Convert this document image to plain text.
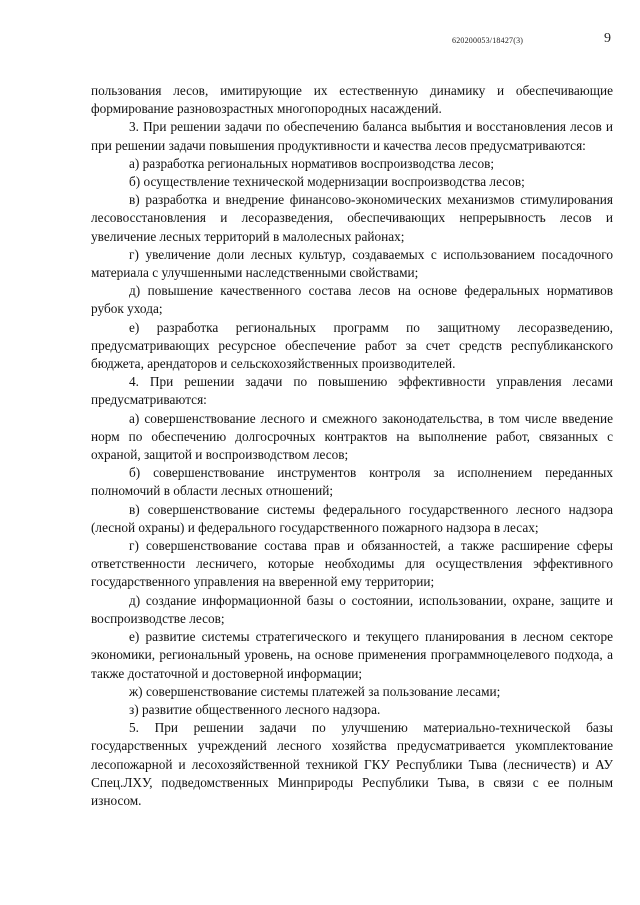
620200053/18427(3)	9

пользования лесов, имитирующие их естественную динамику и обеспечивающие формирование разновозрастных многопородных насаждений.

3. При решении задачи по обеспечению баланса выбытия и восстановления лесов и при решении задачи повышения продуктивности и качества лесов предусматриваются:

а) разработка региональных нормативов воспроизводства лесов;

б) осуществление технической модернизации воспроизводства лесов;

в) разработка и внедрение финансово-экономических механизмов стимулирования лесовосстановления и лесоразведения, обеспечивающих непрерывность лесов и увеличение лесных территорий в малолесных районах;

г) увеличение доли лесных культур, создаваемых с использованием посадочного материала с улучшенными наследственными свойствами;

д) повышение качественного состава лесов на основе федеральных нормативов рубок ухода;

е) разработка региональных программ по защитному лесоразведению, предусматривающих ресурсное обеспечение работ за счет средств республиканского бюджета, арендаторов и сельскохозяйственных производителей.

4. При решении задачи по повышению эффективности управления лесами предусматриваются:

а) совершенствование лесного и смежного законодательства, в том числе введение норм по обеспечению долгосрочных контрактов на выполнение работ, связанных с охраной, защитой и воспроизводством лесов;

б) совершенствование инструментов контроля за исполнением переданных полномочий в области лесных отношений;

в) совершенствование системы федерального государственного лесного надзора (лесной охраны) и федерального государственного пожарного надзора в лесах;

г) совершенствование состава прав и обязанностей, а также расширение сферы ответственности лесничего, которые необходимы для осуществления эффективного государственного управления на вверенной ему территории;

д) создание информационной базы о состоянии, использовании, охране, защите и воспроизводстве лесов;

е) развитие системы стратегического и текущего планирования в лесном секторе экономики, региональный уровень, на основе применения программноцелевого подхода, а также достаточной и достоверной информации;

ж) совершенствование системы платежей за пользование лесами;

з) развитие общественного лесного надзора.

5. При решении задачи по улучшению материально-технической базы государственных учреждений лесного хозяйства предусматривается укомплектование лесопожарной и лесохозяйственной техникой ГКУ Республики Тыва (лесничеств) и АУ Спец.ЛХУ, подведомственных Минприроды Республики Тыва, в связи с ее полным износом.
